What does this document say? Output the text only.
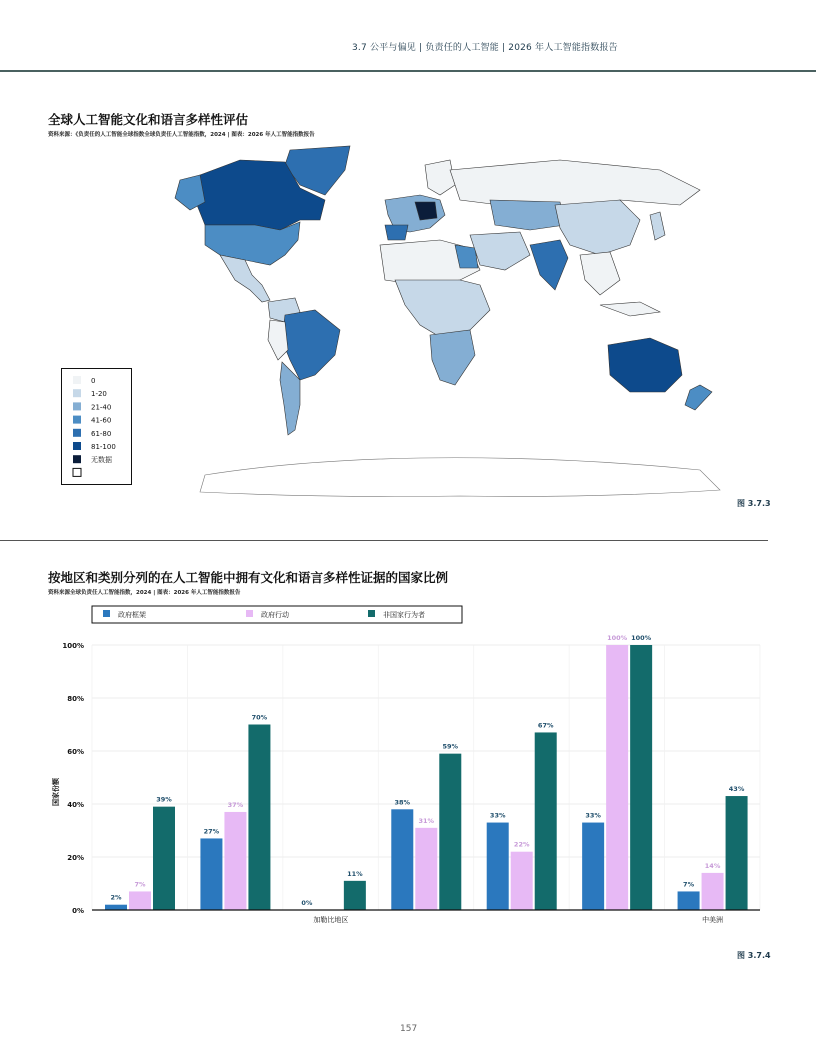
3.7 公平与偏见 | 负责任的人工智能 | 2026 年人工智能指数报告
全球人工智能文化和语言多样性评估
资料来源：《负责任的人工智能全球指数全球负责任人工智能指数，2024 | 图表：2026 年人工智能指数报告
0
1-20
21-40
41-60
61-80
81-100
无数据
图 3.7.3
按地区和类别分列的在人工智能中拥有文化和语言多样性证据的国家比例
资料来源全球负责任人工智能指数，2024 | 图表：2026 年人工智能指数报告
政府框架	政府行动	非国家行为者
0%
20%
40%
60%
80%
100%
国家份额
2%
7%
39%
27%
37%
70%
0%
11%
加勒比地区
38%
31%
59%
33%
22%
67%
33%
100% 100%
7%
14%
43%
中美洲
图 3.7.4
157
